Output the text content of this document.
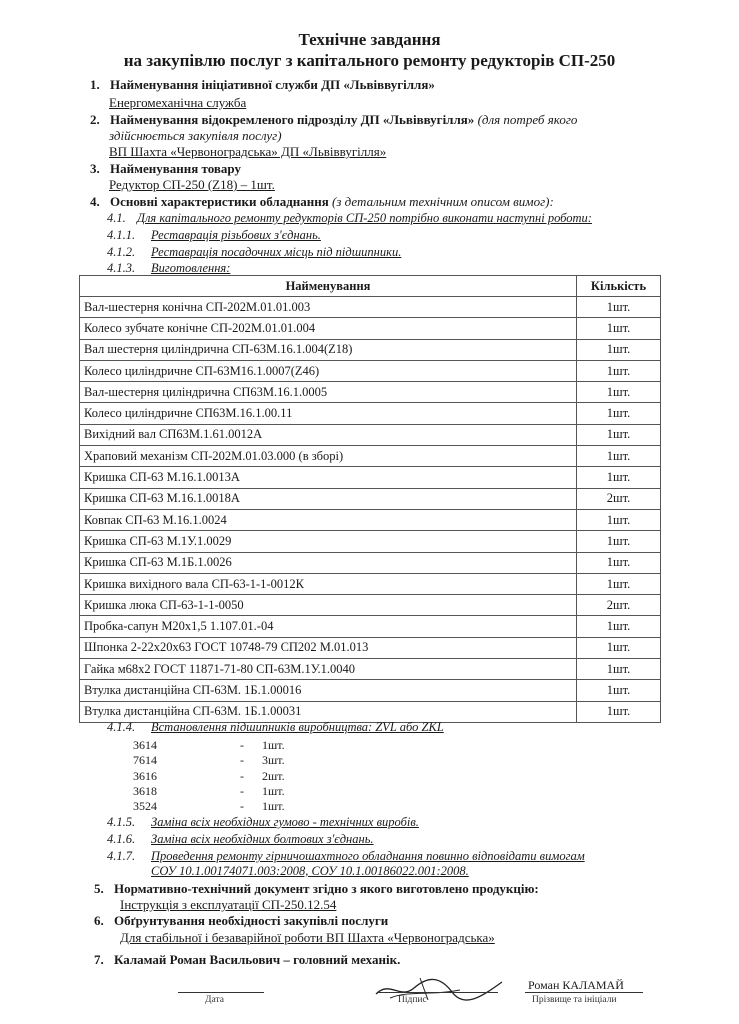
Технічне завдання
на закупівлю послуг з капітального ремонту редукторів СП-250
1. Найменування ініціативної служби ДП «Львіввугілля»
Енергомеханічна служба
2. Найменування відокремленого підрозділу ДП «Львіввугілля» (для потреб якого
здійснюється закупівля послуг)
ВП Шахта «Червоноградська» ДП «Львіввугілля»
3. Найменування товару
Редуктор СП-250 (Z18) – 1шт.
4. Основні характеристики обладнання (з детальним технічним описом вимог):
4.1. Для капітального ремонту редукторів СП-250 потрібно виконати наступні роботи:
4.1.1. Реставрація різьбових з'єднань.
4.1.2. Реставрація посадочних місць під підшипники.
4.1.3. Виготовлення:
Найменування	Кількість
Вал-шестерня конічна СП-202М.01.01.003	1шт.
Колесо зубчате конічне СП-202М.01.01.004	1шт.
Вал шестерня циліндрична СП-63М.16.1.004(Z18)	1шт.
Колесо циліндричне СП-63М16.1.0007(Z46)	1шт.
Вал-шестерня циліндрична СП63М.16.1.0005	1шт.
Колесо циліндричне СП63М.16.1.00.11	1шт.
Вихідний вал СП63М.1.61.0012А	1шт.
Храповий механізм СП-202М.01.03.000 (в зборі)	1шт.
Кришка СП-63 М.16.1.0013А	1шт.
Кришка СП-63 М.16.1.0018А	2шт.
Ковпак СП-63 М.16.1.0024	1шт.
Кришка СП-63 М.1У.1.0029	1шт.
Кришка СП-63 М.1Б.1.0026	1шт.
Кришка вихідного вала СП-63-1-1-0012К	1шт.
Кришка люка СП-63-1-1-0050	2шт.
Пробка-сапун М20х1,5 1.107.01.-04	1шт.
Шпонка 2-22х20х63 ГОСТ 10748-79 СП202 М.01.013	1шт.
Гайка м68х2 ГОСТ 11871-71-80 СП-63М.1У.1.0040	1шт.
Втулка дистанційна СП-63М. 1Б.1.00016	1шт.
Втулка дистанційна СП-63М. 1Б.1.00031	1шт.
4.1.4. Встановлення підшипників виробництва: ZVL або ZKL
3614	- 1шт.
7614	- 3шт.
3616	- 2шт.
3618	- 1шт.
3524	- 1шт.
4.1.5. Заміна всіх необхідних гумово - технічних виробів.
4.1.6. Заміна всіх необхідних болтових з'єднань.
4.1.7. Проведення ремонту гірничошахтного обладнання повинно відповідати вимогам
СОУ 10.1.00174071.003:2008, СОУ 10.1.00186022.001:2008.
5. Нормативно-технічний документ згідно з якого виготовлено продукцію:
Інструкція з експлуатації СП-250.12.54
6. Обґрунтування необхідності закупівлі послуги
Для стабільної і безаварійної роботи ВП Шахта «Червоноградська»
7. Каламай Роман Васильович – головний механік.
Дата	Підпис
Роман КАЛАМАЙ
Прізвище та ініціали
